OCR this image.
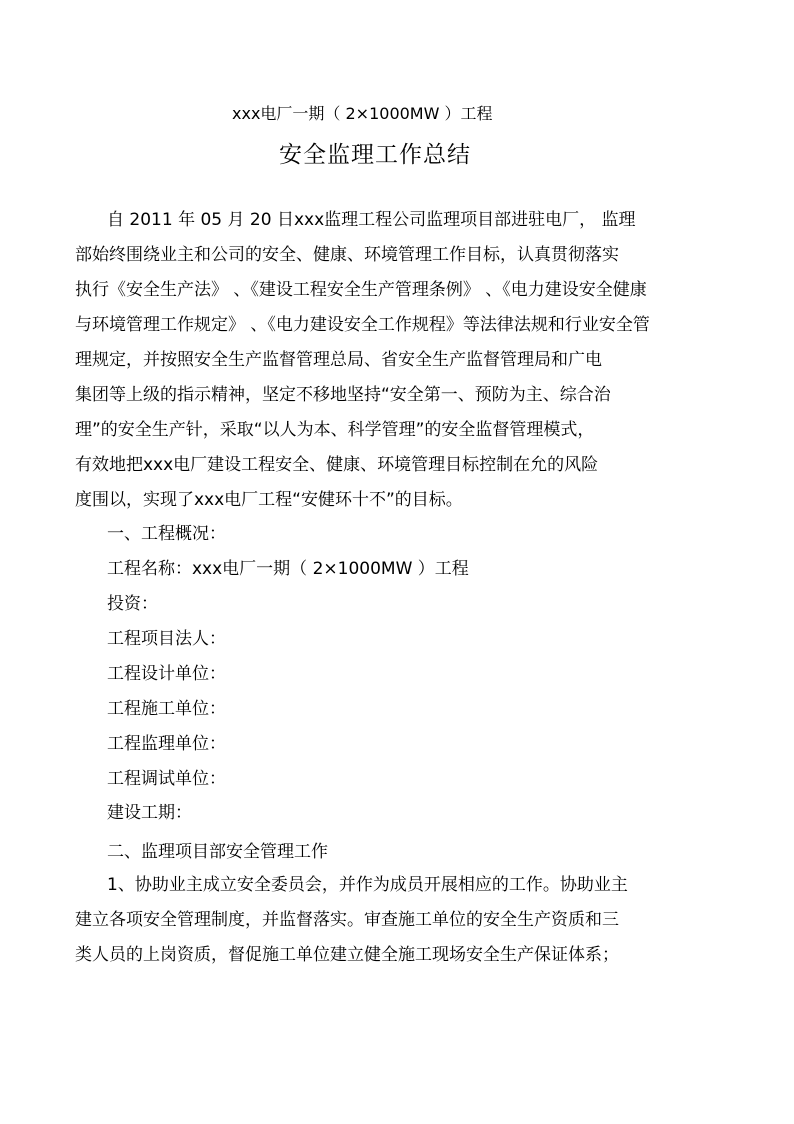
xxx电厂一期（ 2×1000MW ）工程
安全监理工作总结
自 2011 年 05 月 20 日xxx监理工程公司监理项目部进驻电厂， 监理
部始终围绕业主和公司的安全、健康、环境管理工作目标，认真贯彻落实
执行《安全生产法》 、《建设工程安全生产管理条例》 、《电力建设安全健康
与环境管理工作规定》 、《电力建设安全工作规程》等法律法规和行业安全管
理规定，并按照安全生产监督管理总局、省安全生产监督管理局和广电
集团等上级的指示精神，坚定不移地坚持“安全第一、预防为主、综合治
理”的安全生产针，采取“以人为本、科学管理”的安全监督管理模式，
有效地把xxx电厂建设工程安全、健康、环境管理目标控制在允的风险
度围以，实现了xxx电厂工程“安健环十不”的目标。
一、工程概况：
工程名称：xxx电厂一期（ 2×1000MW ）工程
投资：
工程项目法人：
工程设计单位：
工程施工单位：
工程监理单位：
工程调试单位：
建设工期：
二、监理项目部安全管理工作
1、协助业主成立安全委员会，并作为成员开展相应的工作。协助业主
建立各项安全管理制度，并监督落实。审查施工单位的安全生产资质和三
类人员的上岗资质，督促施工单位建立健全施工现场安全生产保证体系；
